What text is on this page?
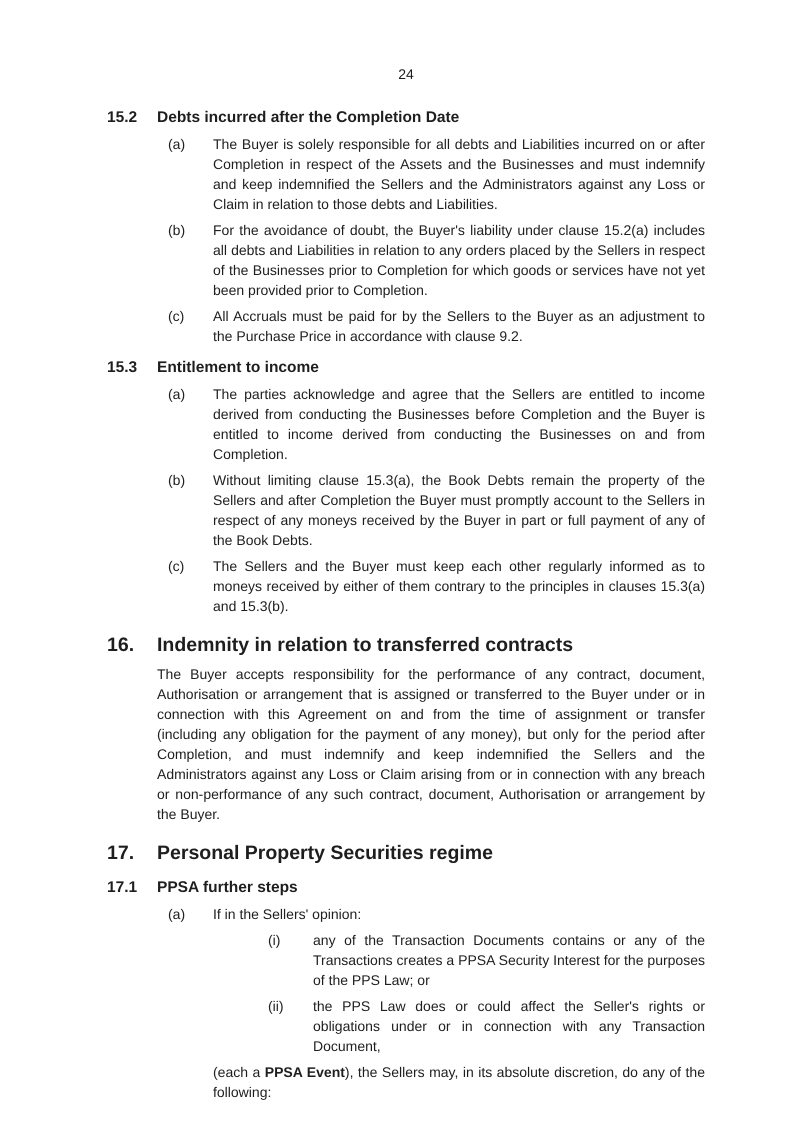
24
15.2	Debts incurred after the Completion Date
(a)	The Buyer is solely responsible for all debts and Liabilities incurred on or after Completion in respect of the Assets and the Businesses and must indemnify and keep indemnified the Sellers and the Administrators against any Loss or Claim in relation to those debts and Liabilities.
(b)	For the avoidance of doubt, the Buyer's liability under clause 15.2(a) includes all debts and Liabilities in relation to any orders placed by the Sellers in respect of the Businesses prior to Completion for which goods or services have not yet been provided prior to Completion.
(c)	All Accruals must be paid for by the Sellers to the Buyer as an adjustment to the Purchase Price in accordance with clause 9.2.
15.3	Entitlement to income
(a)	The parties acknowledge and agree that the Sellers are entitled to income derived from conducting the Businesses before Completion and the Buyer is entitled to income derived from conducting the Businesses on and from Completion.
(b)	Without limiting clause 15.3(a), the Book Debts remain the property of the Sellers and after Completion the Buyer must promptly account to the Sellers in respect of any moneys received by the Buyer in part or full payment of any of the Book Debts.
(c)	The Sellers and the Buyer must keep each other regularly informed as to moneys received by either of them contrary to the principles in clauses 15.3(a) and 15.3(b).
16.	Indemnity in relation to transferred contracts
The Buyer accepts responsibility for the performance of any contract, document, Authorisation or arrangement that is assigned or transferred to the Buyer under or in connection with this Agreement on and from the time of assignment or transfer (including any obligation for the payment of any money), but only for the period after Completion, and must indemnify and keep indemnified the Sellers and the Administrators against any Loss or Claim arising from or in connection with any breach or non-performance of any such contract, document, Authorisation or arrangement by the Buyer.
17.	Personal Property Securities regime
17.1	PPSA further steps
(a)	If in the Sellers' opinion:
(i)	any of the Transaction Documents contains or any of the Transactions creates a PPSA Security Interest for the purposes of the PPS Law; or
(ii)	the PPS Law does or could affect the Seller's rights or obligations under or in connection with any Transaction Document,
(each a PPSA Event), the Sellers may, in its absolute discretion, do any of the following:
